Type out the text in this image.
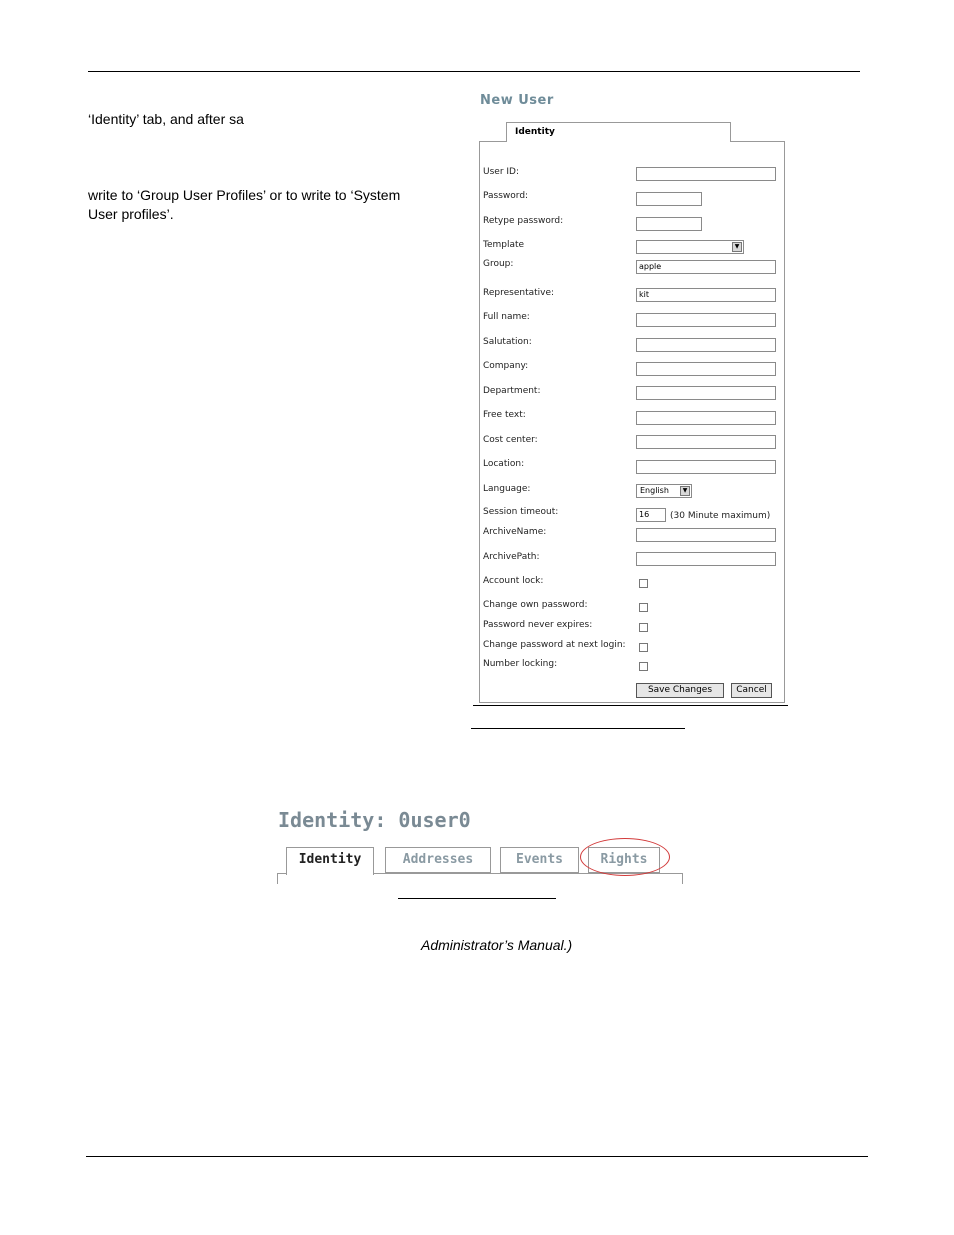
‘Identity’ tab, and after sa
write to ‘Group User Profiles’ or to write to ‘System
User profiles’.
New User
Identity
User ID:
Password:
Retype password:
Template	▼
Group:	apple
Representative:	kit
Full name:
Salutation:
Company:
Department:
Free text:
Cost center:
Location:
Language:	English	▼
Session timeout:	16	(30 Minute maximum)
ArchiveName:
ArchivePath:
Account lock:
Change own password:
Password never expires:
Change password at next login:
Number locking:
Save Changes	Cancel
Identity: 0user0
Identity	Addresses	Events	Rights
Administrator’s Manual.)
